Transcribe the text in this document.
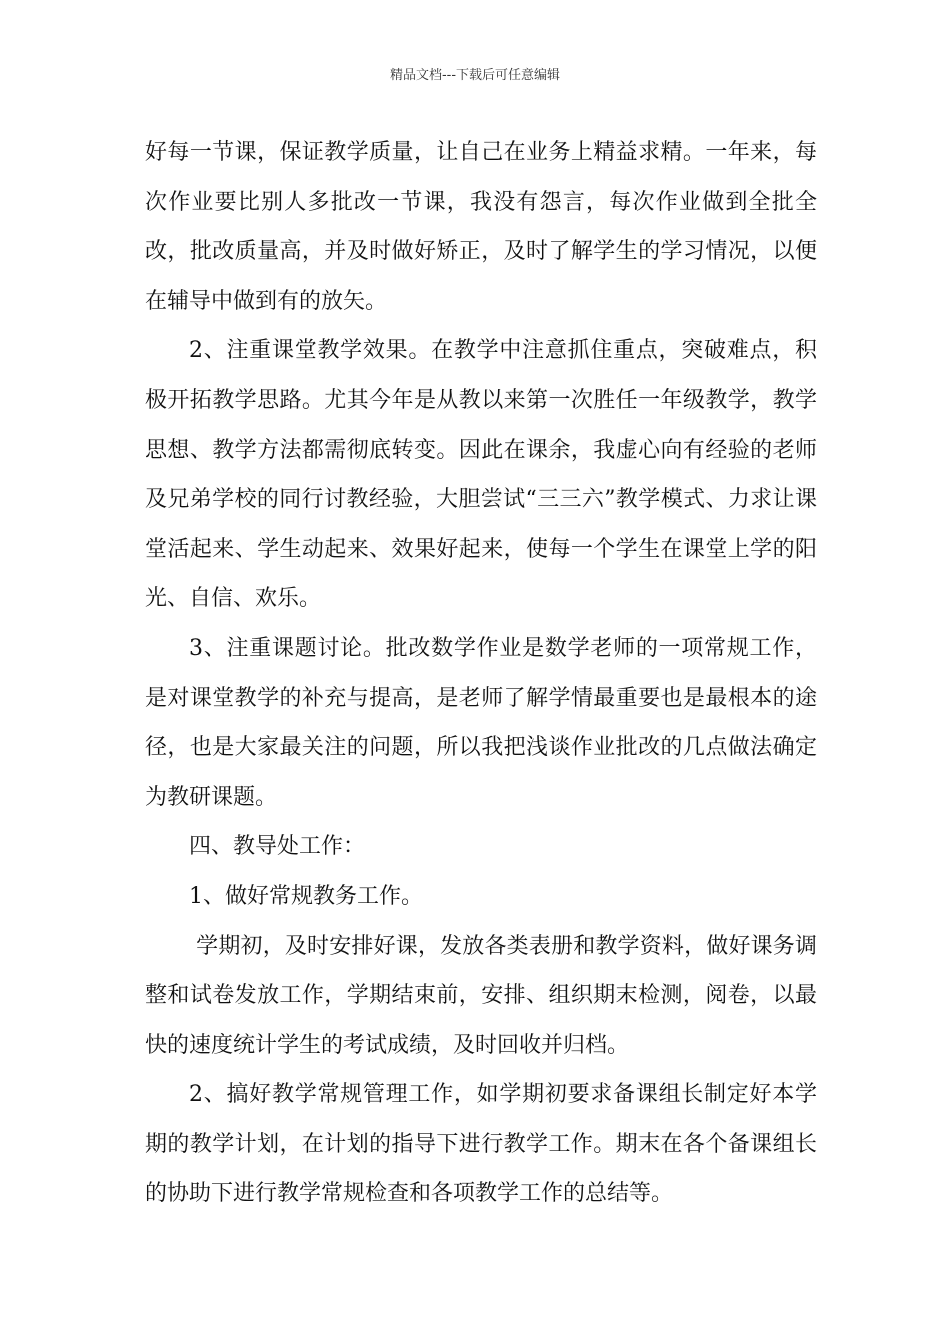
精品文档---下载后可任意编辑

好每一节课，保证教学质量，让自己在业务上精益求精。一年来，每次作业要比别人多批改一节课，我没有怨言，每次作业做到全批全改，批改质量高，并及时做好矫正，及时了解学生的学习情况，以便在辅导中做到有的放矢。

2、注重课堂教学效果。在教学中注意抓住重点，突破难点，积极开拓教学思路。尤其今年是从教以来第一次胜任一年级教学，教学思想、教学方法都需彻底转变。因此在课余，我虚心向有经验的老师及兄弟学校的同行讨教经验，大胆尝试“三三六”教学模式、力求让课堂活起来、学生动起来、效果好起来，使每一个学生在课堂上学的阳光、自信、欢乐。

3、注重课题讨论。批改数学作业是数学老师的一项常规工作，是对课堂教学的补充与提高，是老师了解学情最重要也是最根本的途径，也是大家最关注的问题，所以我把浅谈作业批改的几点做法确定为教研课题。

四、教导处工作：

1、做好常规教务工作。

学期初，及时安排好课，发放各类表册和教学资料，做好课务调整和试卷发放工作，学期结束前，安排、组织期末检测，阅卷，以最快的速度统计学生的考试成绩，及时回收并归档。

2、搞好教学常规管理工作，如学期初要求备课组长制定好本学期的教学计划，在计划的指导下进行教学工作。期末在各个备课组长的协助下进行教学常规检查和各项教学工作的总结等。
